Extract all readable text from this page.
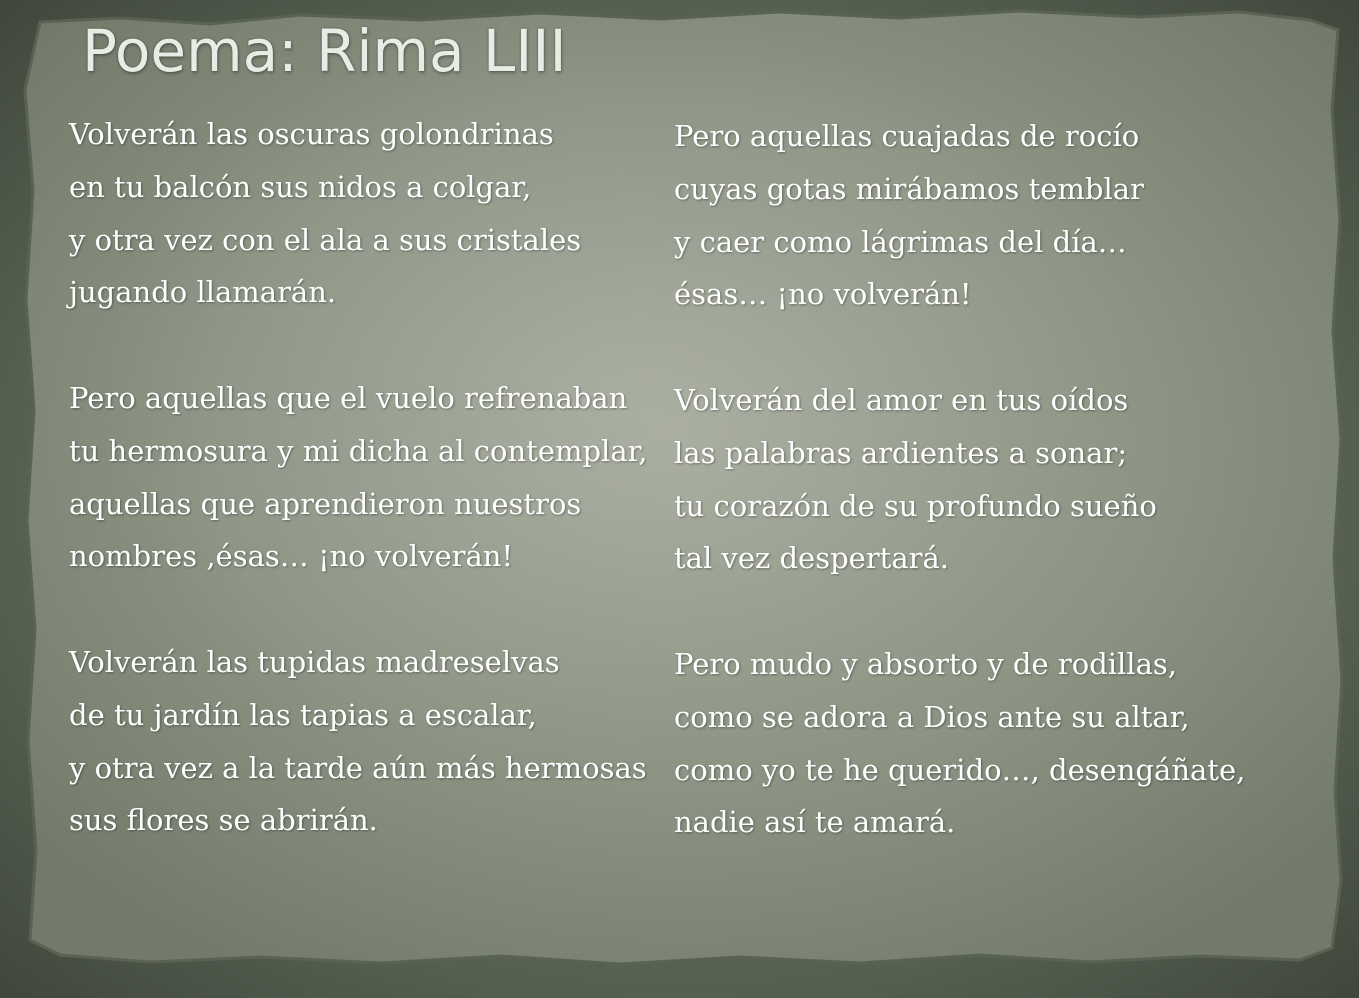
Poema: Rima LIII
Volverán las oscuras golondrinas
en tu balcón sus nidos a colgar,
y otra vez con el ala a sus cristales
jugando llamarán.
Pero aquellas que el vuelo refrenaban
tu hermosura y mi dicha al contemplar,
aquellas que aprendieron nuestros
nombres ,ésas… ¡no volverán!
Volverán las tupidas madreselvas
de tu jardín las tapias a escalar,
y otra vez a la tarde aún más hermosas
sus flores se abrirán.
Pero aquellas cuajadas de rocío
cuyas gotas mirábamos temblar
y caer como lágrimas del día…
ésas… ¡no volverán!
Volverán del amor en tus oídos
las palabras ardientes a sonar;
tu corazón de su profundo sueño
tal vez despertará.
Pero mudo y absorto y de rodillas,
como se adora a Dios ante su altar,
como yo te he querido…, desengáñate,
nadie así te amará.
